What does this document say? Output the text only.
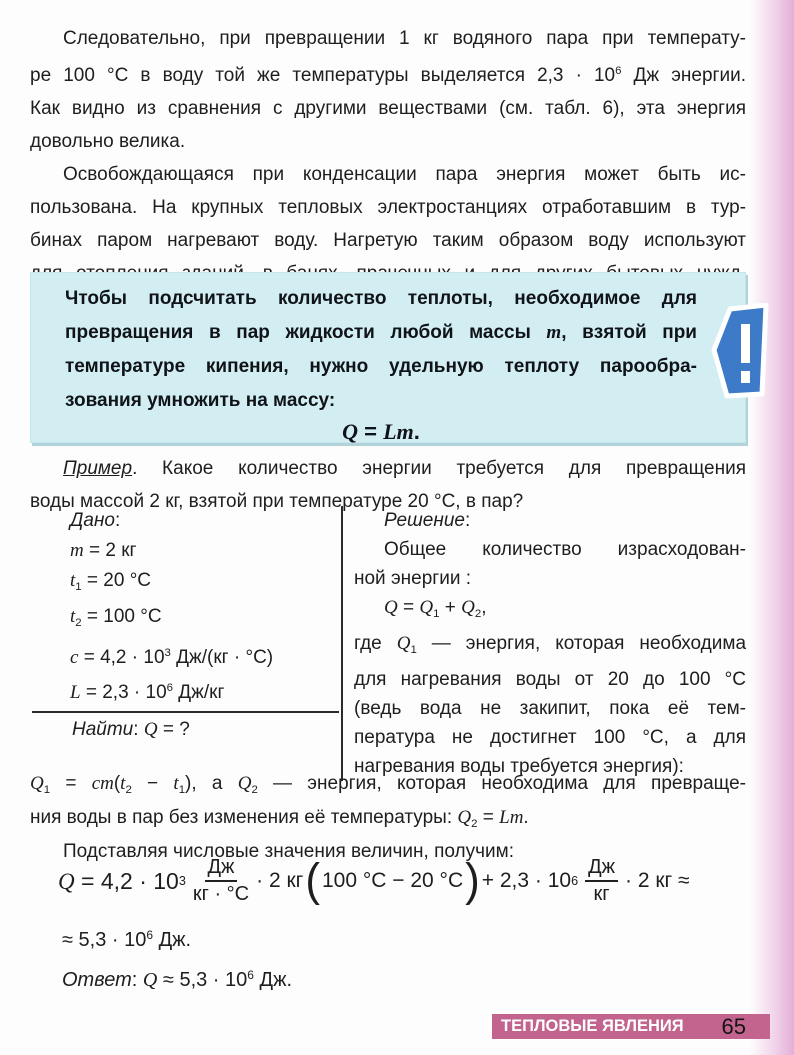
Следовательно, при превращении 1 кг водяного пара при температу-
ре 100 °С в воду той же температуры выделяется $2,3 \cdot 10^6$ Дж энергии.
Как видно из сравнения с другими веществами (см. табл. 6), эта энергия
довольно велика.
Освобождающаяся при конденсации пара энергия может быть ис-
пользована. На крупных тепловых электростанциях отработавшим в тур-
бинах паром нагревают воду. Нагретую таким образом воду используют
Чтобы подсчитать количество теплоты, необходимое для
превращения в пар жидкости любой массы m, взятой при
температуре кипения, нужно удельную теплоту парообра-
зования умножить на массу:
Q = Lm.
Пример. Какое количество энергии требуется для превращения
воды массой 2 кг, взятой при температуре 20 °С, в пар?
Дано:
m = 2 кг
$t_1 = 20$ °С
$t_2 = 100$ °С
$c = 4,2 \cdot 10^3$ Дж/(кг · °С)
$L = 2,3 \cdot 10^6$ Дж/кг
Найти: Q = ?
Решение:
Общее количество израсходован-
ной энергии :
$Q = Q_1 + Q_2$,
где $Q_1$ — энергия, которая необходима
для нагревания воды от 20 до 100 °С
(ведь вода не закипит, пока её тем-
пература не достигнет 100 °С, а для
нагревания воды требуется энергия):
$Q_1 = cm(t_2 - t_1)$, а $Q_2$ — энергия, которая необходима для превраще-
ния воды в пар без изменения её температуры: $Q_2 = Lm$.
Подставляя числовые значения величин, получим:
Q = 4,2 · 10 $3 \frac{Дж}{кг \cdot ^\circ С} \cdot 2$ кг ( 100 °С − 20 °С ) + 2,3 · 10 $6 \frac{Дж}{кг} \cdot 2$ кг ≈
≈ $5,3 \cdot 10^6$ Дж.
Ответ: $Q \approx 5,3 \cdot 10^6$ Дж.
ТЕПЛОВЫЕ ЯВЛЕНИЯ	65
